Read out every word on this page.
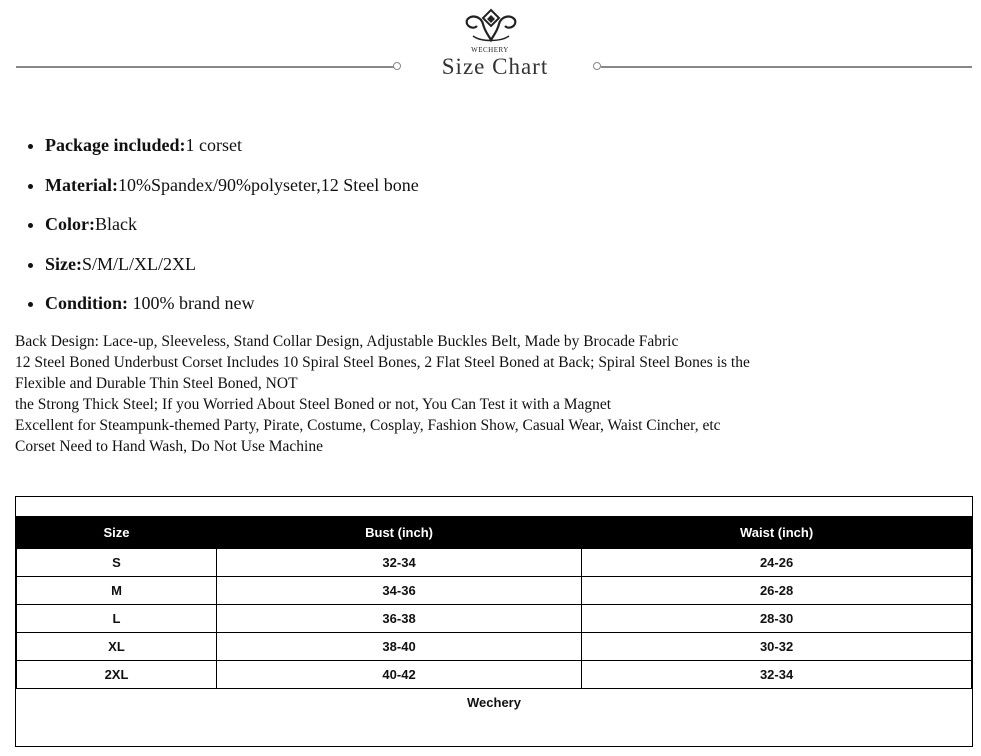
WECHERY
Size Chart
• Package included:1 corset
• Material:10%Spandex/90%polyseter,12 Steel bone
• Color:Black
• Size:S/M/L/XL/2XL
• Condition: 100% brand new
Back Design: Lace-up, Sleeveless, Stand Collar Design, Adjustable Buckles Belt, Made by Brocade Fabric
12 Steel Boned Underbust Corset Includes 10 Spiral Steel Bones, 2 Flat Steel Boned at Back; Spiral Steel Bones is the
Flexible and Durable Thin Steel Boned, NOT
the Strong Thick Steel; If you Worried About Steel Boned or not, You Can Test it with a Magnet
Excellent for Steampunk-themed Party, Pirate, Costume, Cosplay, Fashion Show, Casual Wear, Waist Cincher, etc
Corset Need to Hand Wash, Do Not Use Machine
Size	Bust (inch)	Waist (inch)
S	32-34	24-26
M	34-36	26-28
L	36-38	28-30
XL	38-40	30-32
2XL	40-42	32-34
Wechery
